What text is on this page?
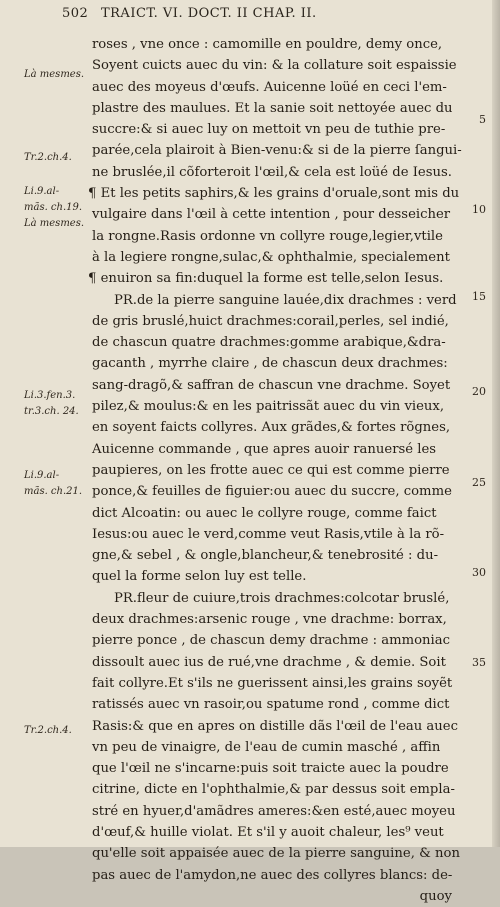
502 TRAICT. VI. DOCT. II CHAP. II.
Là mesmes.
Tr.2.ch.4.
Li.9.al-
mãs. ch.19.
Là mesmes.
Li.3.fen.3.
tr.3.ch. 24.
Li.9.al-
mãs. ch.21.
Tr.2.ch.4.
5
10
15
20
25
30
35
roses , vne once : camomille en pouldre, demy once,
Soyent cuicts auec du vin: & la collature soit espaissie
auec des moyeus d'œufs. Auicenne loüé en ceci l'em-
plastre des maulues. Et la sanie soit nettoyée auec du
succre:& si auec luy on mettoit vn peu de tuthie pre-
parée,cela plairoit à Bien-venu:& si de la pierre ſangui-
ne bruslée,il cõforteroit l'œil,& cela est loüé de Iesus.
¶ Et les petits saphirs,& les grains d'oruale,sont mis du
vulgaire dans l'œil à cette intention , pour desseicher
la rongne.Rasis ordonne vn collyre rouge,legier,vtile
à la legiere rongne,sulac,& ophthalmie, specialement
¶ enuiron sa fin:duquel la forme est telle,selon Iesus.
PR.de la pierre sanguine lauée,dix drachmes : verd
de gris bruslé,huict drachmes:corail,perles, sel indié,
de chascun quatre drachmes:gomme arabique,&dra-
gacanth , myrrhe claire , de chascun deux drachmes:
sang-dragõ,& saffran de chascun vne drachme. Soyet
pilez,& moulus:& en les paitrissãt auec du vin vieux,
en soyent faicts collyres. Aux grãdes,& fortes rõgnes,
Auicenne commande , que apres auoir ranuersé les
paupieres, on les frotte auec ce qui est comme pierre
ponce,& feuilles de figuier:ou auec du succre, comme
dict Alcoatin: ou auec le collyre rouge, comme faict
Iesus:ou auec le verd,comme veut Rasis,vtile à la rõ-
gne,& sebel , & ongle,blancheur,& tenebrosité : du-
quel la forme selon luy est telle.
PR.fleur de cuiure,trois drachmes:colcotar bruslé,
deux drachmes:arsenic rouge , vne drachme: borrax,
pierre ponce , de chascun demy drachme : ammoniac
dissoult auec ius de rué,vne drachme , & demie. Soit
fait collyre.Et s'ils ne guerissent ainsi,les grains soyẽt
ratissés auec vn rasoir,ou spatume rond , comme dict
Rasis:& que en apres on distille dãs l'œil de l'eau auec
vn peu de vinaigre, de l'eau de cumin masché , affin
que l'œil ne s'incarne:puis soit traicte auec la poudre
citrine, dicte en l'ophthalmie,& par dessus soit empla-
stré en hyuer,d'amãdres ameres:&en esté,auec moyeu
d'œuf,& huille violat. Et s'il y auoit chaleur, les⁹ veut
qu'elle soit appaisée auec de la pierre sanguine, & non
pas auec de l'amydon,ne auec des collyres blancs: de-
quoy
